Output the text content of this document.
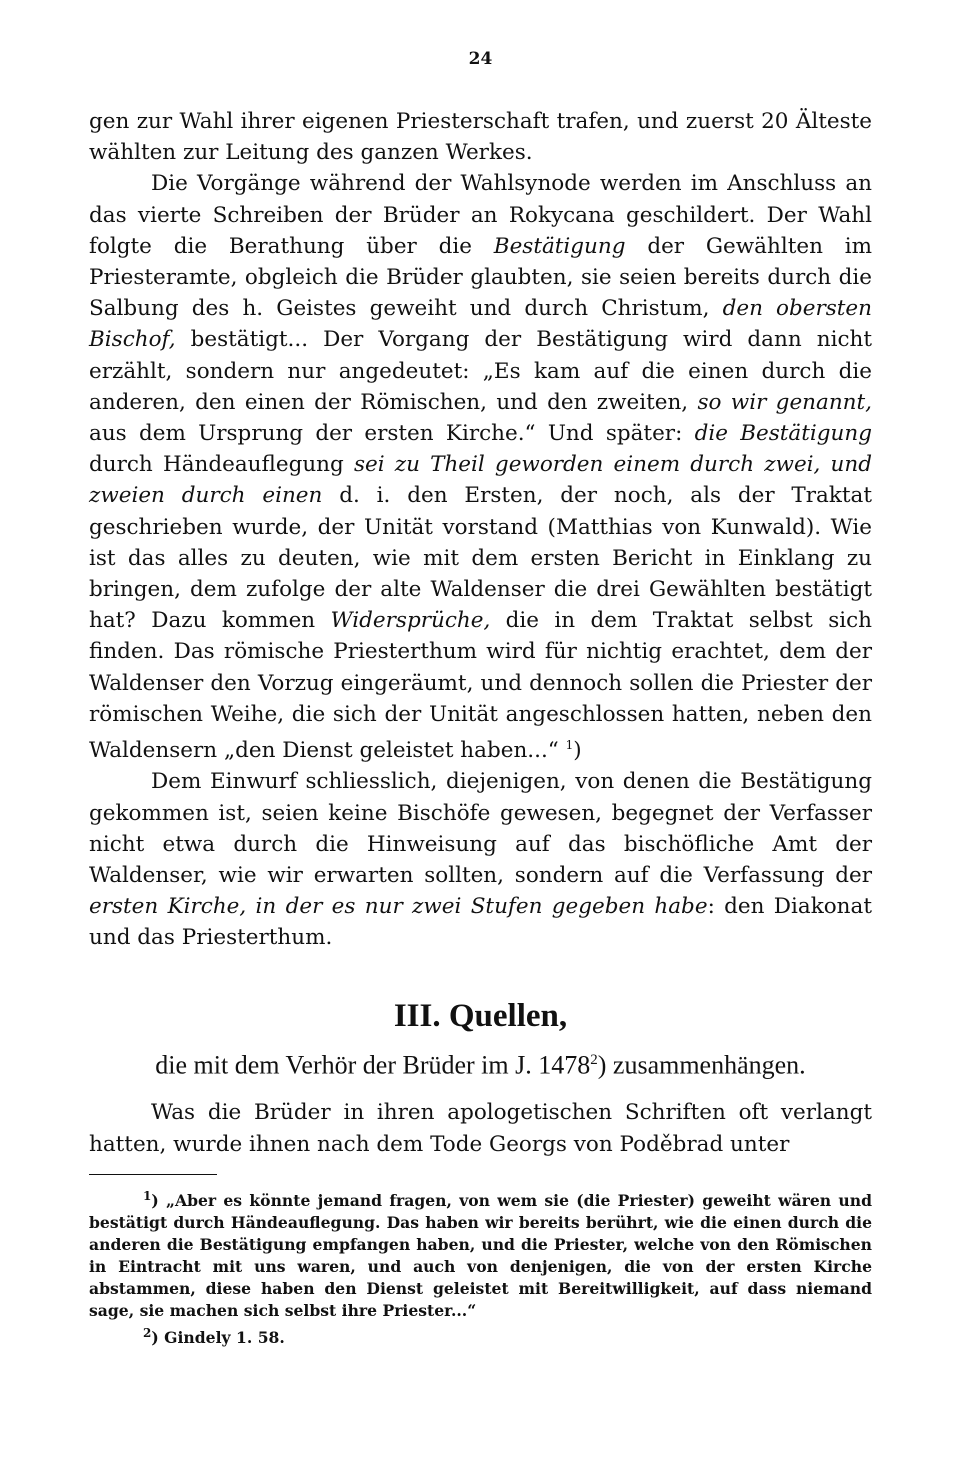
24

gen zur Wahl ihrer eigenen Priesterschaft trafen, und zuerst 20 Älteste wählten zur Leitung des ganzen Werkes.

Die Vorgänge während der Wahlsynode werden im Anschluss an das vierte Schreiben der Brüder an Rokycana geschildert. Der Wahl folgte die Berathung über die Bestätigung der Gewählten im Priesteramte, obgleich die Brüder glaubten, sie seien bereits durch die Salbung des h. Geistes geweiht und durch Christum, den obersten Bischof, bestätigt... Der Vorgang der Bestätigung wird dann nicht erzählt, sondern nur angedeutet: „Es kam auf die einen durch die anderen, den einen der Römischen, und den zweiten, so wir genannt, aus dem Ursprung der ersten Kirche.“ Und später: die Bestätigung durch Händeauflegung sei zu Theil geworden einem durch zwei, und zweien durch einen d. i. den Ersten, der noch, als der Traktat geschrieben wurde, der Unität vorstand (Matthias von Kunwald). Wie ist das alles zu deuten, wie mit dem ersten Bericht in Einklang zu bringen, dem zufolge der alte Waldenser die drei Gewählten bestätigt hat? Dazu kommen Widersprüche, die in dem Traktat selbst sich finden. Das römische Priesterthum wird für nichtig erachtet, dem der Waldenser den Vorzug eingeräumt, und dennoch sollen die Priester der römischen Weihe, die sich der Unität angeschlossen hatten, neben den Waldensern „den Dienst geleistet haben...“ $^1$)

Dem Einwurf schliesslich, diejenigen, von denen die Bestätigung gekommen ist, seien keine Bischöfe gewesen, begegnet der Verfasser nicht etwa durch die Hinweisung auf das bischöfliche Amt der Waldenser, wie wir erwarten sollten, sondern auf die Verfassung der ersten Kirche, in der es nur zwei Stufen gegeben habe: den Diakonat und das Priesterthum.

III. Quellen,
die mit dem Verhör der Brüder im J. 1478$^2$) zusammenhängen.

Was die Brüder in ihren apologetischen Schriften oft verlangt hatten, wurde ihnen nach dem Tode Georgs von Poděbrad unter

$^1$) „Aber es könnte jemand fragen, von wem sie (die Priester) geweiht wären und bestätigt durch Händeauflegung. Das haben wir bereits berührt, wie die einen durch die anderen die Bestätigung empfangen haben, und die Priester, welche von den Römischen in Eintracht mit uns waren, und auch von denjenigen, die von der ersten Kirche abstammen, diese haben den Dienst geleistet mit Bereitwilligkeit, auf dass niemand sage, sie machen sich selbst ihre Priester...“

$^2$) Gindely 1. 58.
